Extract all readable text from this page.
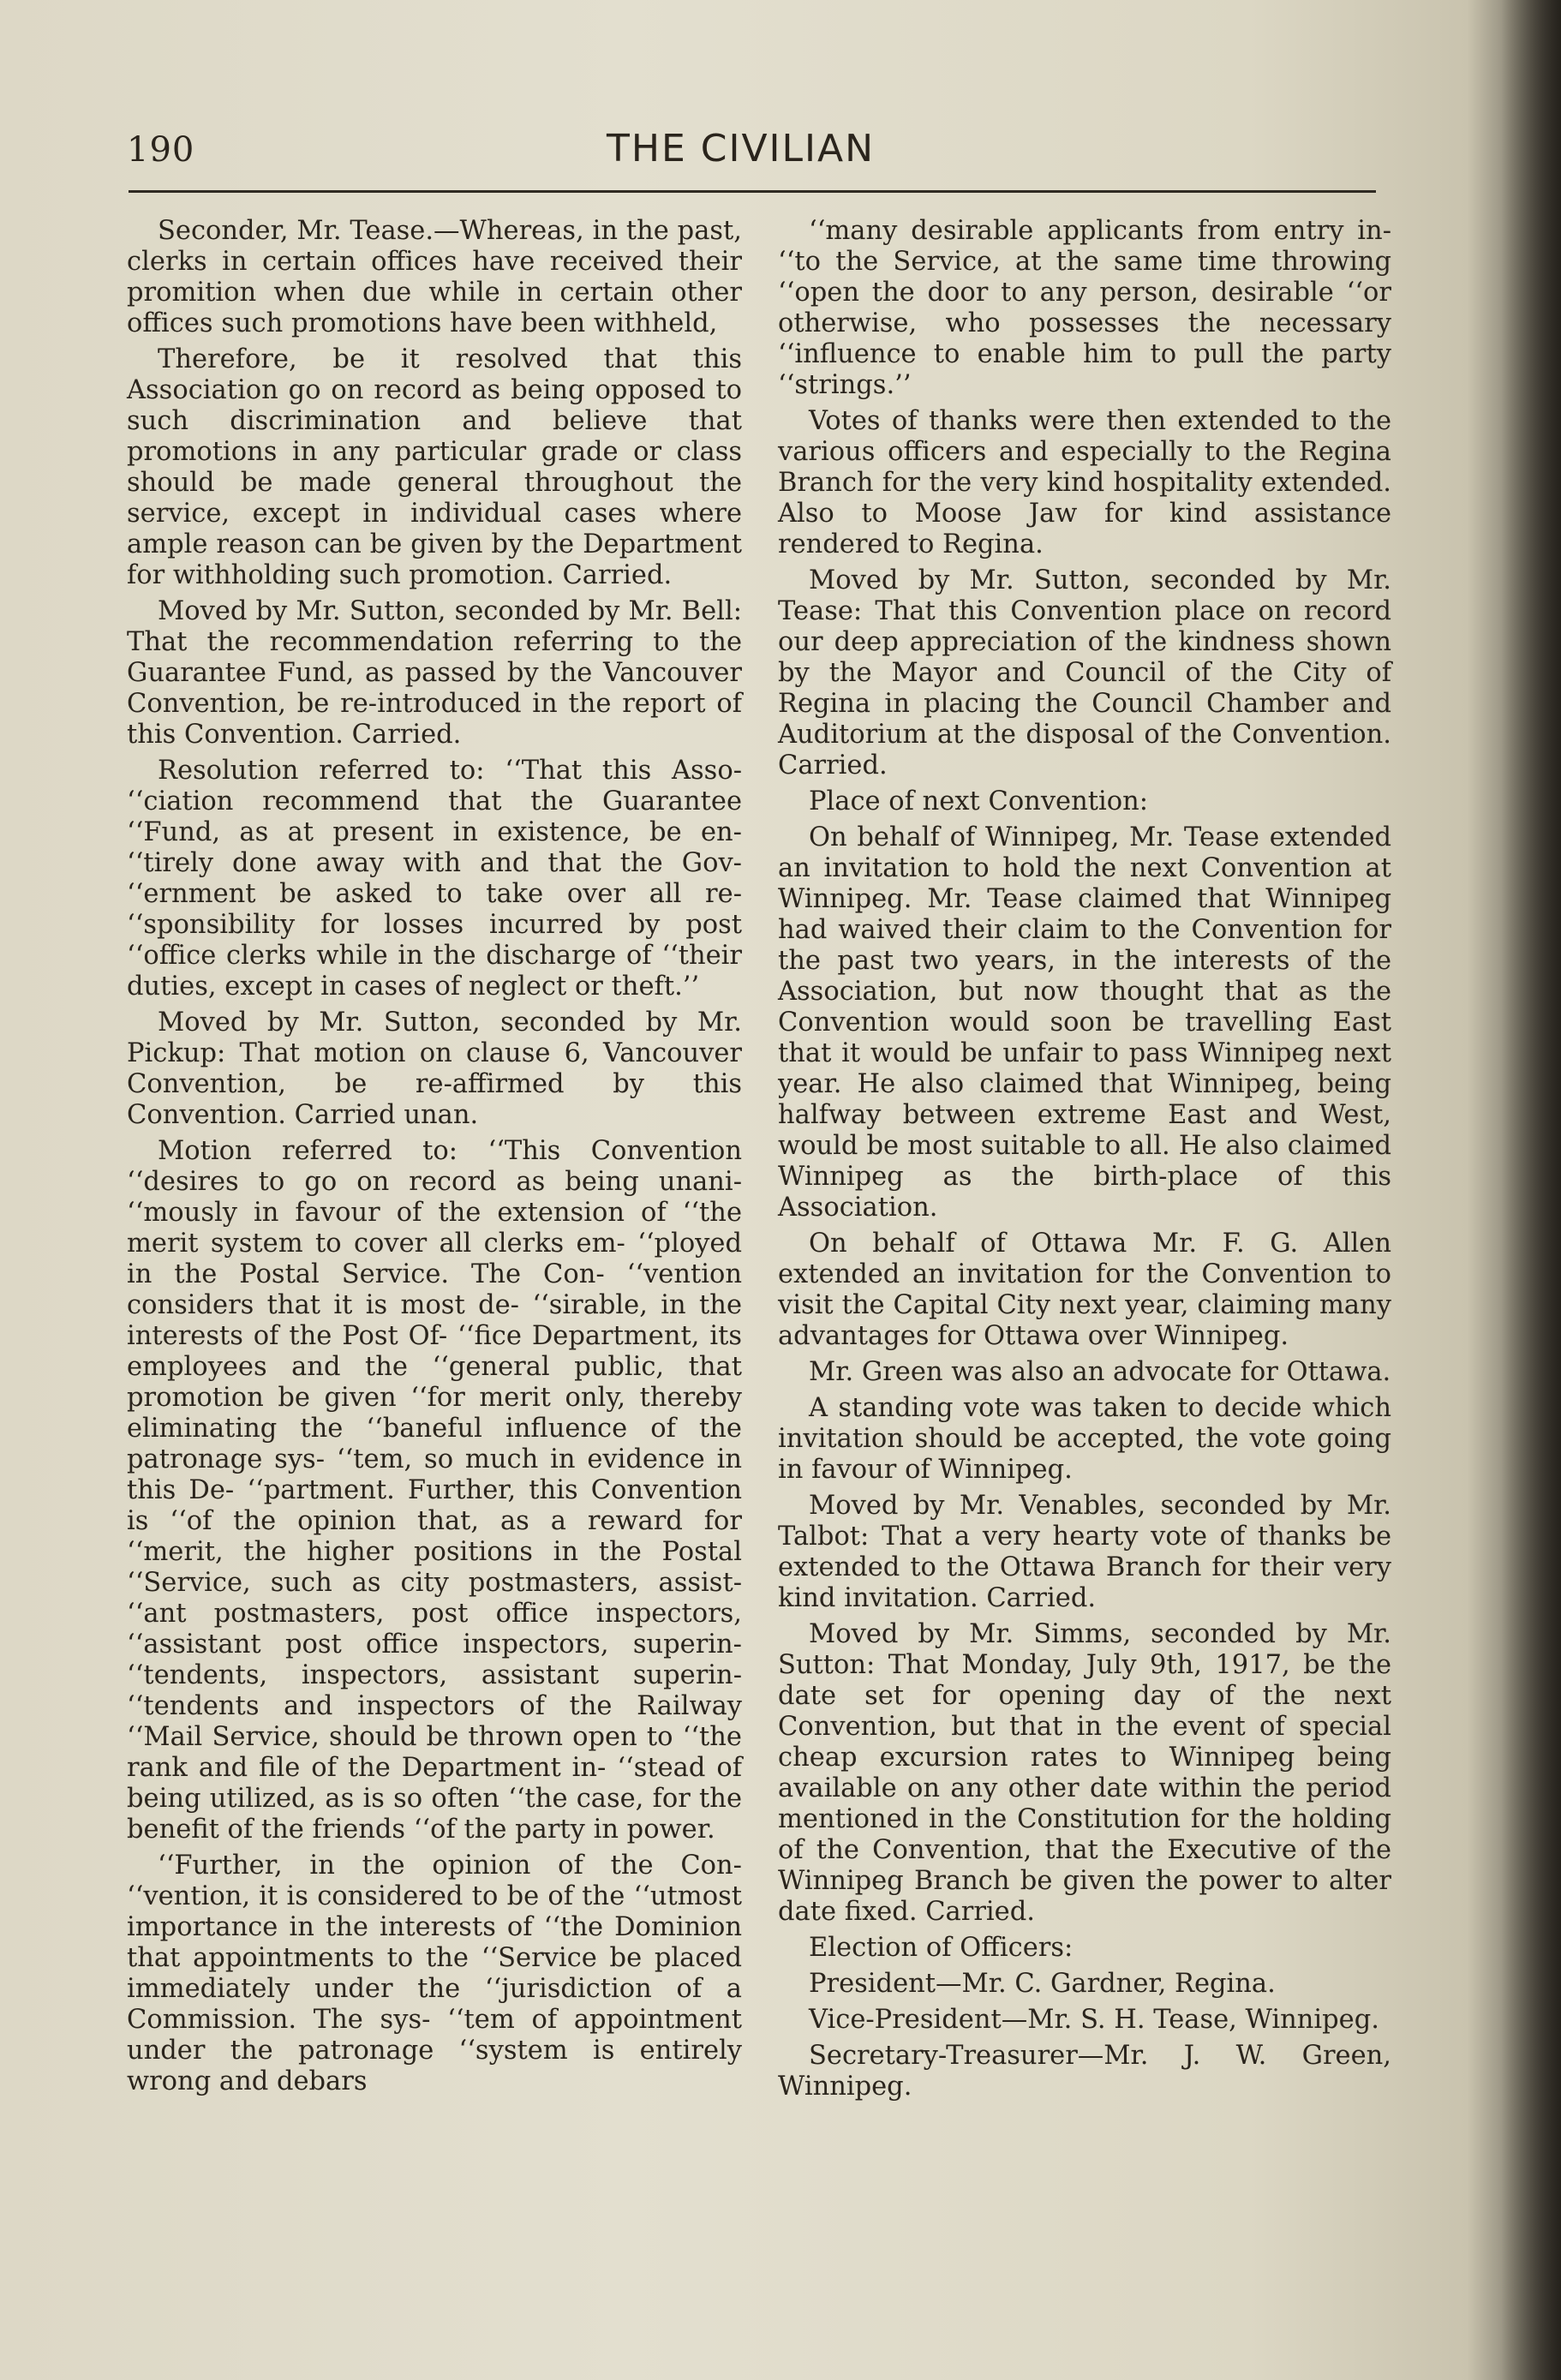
190	THE CIVILIAN

Seconder, Mr. Tease.—Whereas, in the past, clerks in certain offices have received their promition when due while in certain other offices such promotions have been withheld,

Therefore, be it resolved that this Association go on record as being opposed to such discrimination and believe that promotions in any particular grade or class should be made general throughout the service, except in individual cases where ample reason can be given by the Department for withholding such promotion. Carried.

Moved by Mr. Sutton, seconded by Mr. Bell: That the recommendation referring to the Guarantee Fund, as passed by the Vancouver Convention, be re-introduced in the report of this Convention. Carried.

Resolution referred to: ‘‘That this Asso- ‘‘ciation recommend that the Guarantee ‘‘Fund, as at present in existence, be en- ‘‘tirely done away with and that the Gov- ‘‘ernment be asked to take over all re- ‘‘sponsibility for losses incurred by post ‘‘office clerks while in the discharge of ‘‘their duties, except in cases of neglect or theft.’’

Moved by Mr. Sutton, seconded by Mr. Pickup: That motion on clause 6, Vancouver Convention, be re-affirmed by this Convention. Carried unan.

Motion referred to: ‘‘This Convention ‘‘desires to go on record as being unani- ‘‘mously in favour of the extension of ‘‘the merit system to cover all clerks em- ‘‘ployed in the Postal Service. The Con- ‘‘vention considers that it is most de- ‘‘sirable, in the interests of the Post Of- ‘‘fice Department, its employees and the ‘‘general public, that promotion be given ‘‘for merit only, thereby eliminating the ‘‘baneful influence of the patronage sys- ‘‘tem, so much in evidence in this De- ‘‘partment. Further, this Convention is ‘‘of the opinion that, as a reward for ‘‘merit, the higher positions in the Postal ‘‘Service, such as city postmasters, assist- ‘‘ant postmasters, post office inspectors, ‘‘assistant post office inspectors, superin- ‘‘tendents, inspectors, assistant superin- ‘‘tendents and inspectors of the Railway ‘‘Mail Service, should be thrown open to ‘‘the rank and file of the Department in- ‘‘stead of being utilized, as is so often ‘‘the case, for the benefit of the friends ‘‘of the party in power.

‘‘Further, in the opinion of the Con- ‘‘vention, it is considered to be of the ‘‘utmost importance in the interests of ‘‘the Dominion that appointments to the ‘‘Service be placed immediately under the ‘‘jurisdiction of a Commission. The sys- ‘‘tem of appointment under the patronage ‘‘system is entirely wrong and debars

‘‘many desirable applicants from entry in- ‘‘to the Service, at the same time throwing ‘‘open the door to any person, desirable ‘‘or otherwise, who possesses the necessary ‘‘influence to enable him to pull the party ‘‘strings.’’

Votes of thanks were then extended to the various officers and especially to the Regina Branch for the very kind hospitality extended. Also to Moose Jaw for kind assistance rendered to Regina.

Moved by Mr. Sutton, seconded by Mr. Tease: That this Convention place on record our deep appreciation of the kindness shown by the Mayor and Council of the City of Regina in placing the Council Chamber and Auditorium at the disposal of the Convention. Carried.

Place of next Convention:

On behalf of Winnipeg, Mr. Tease extended an invitation to hold the next Convention at Winnipeg. Mr. Tease claimed that Winnipeg had waived their claim to the Convention for the past two years, in the interests of the Association, but now thought that as the Convention would soon be travelling East that it would be unfair to pass Winnipeg next year. He also claimed that Winnipeg, being halfway between extreme East and West, would be most suitable to all. He also claimed Winnipeg as the birth-place of this Association.

On behalf of Ottawa Mr. F. G. Allen extended an invitation for the Convention to visit the Capital City next year, claiming many advantages for Ottawa over Winnipeg.

Mr. Green was also an advocate for Ottawa.

A standing vote was taken to decide which invitation should be accepted, the vote going in favour of Winnipeg.

Moved by Mr. Venables, seconded by Mr. Talbot: That a very hearty vote of thanks be extended to the Ottawa Branch for their very kind invitation. Carried.

Moved by Mr. Simms, seconded by Mr. Sutton: That Monday, July 9th, 1917, be the date set for opening day of the next Convention, but that in the event of special cheap excursion rates to Winnipeg being available on any other date within the period mentioned in the Constitution for the holding of the Convention, that the Executive of the Winnipeg Branch be given the power to alter date fixed. Carried.

Election of Officers:

President—Mr. C. Gardner, Regina.

Vice-President—Mr. S. H. Tease, Winnipeg.

Secretary-Treasurer—Mr. J. W. Green, Winnipeg.
